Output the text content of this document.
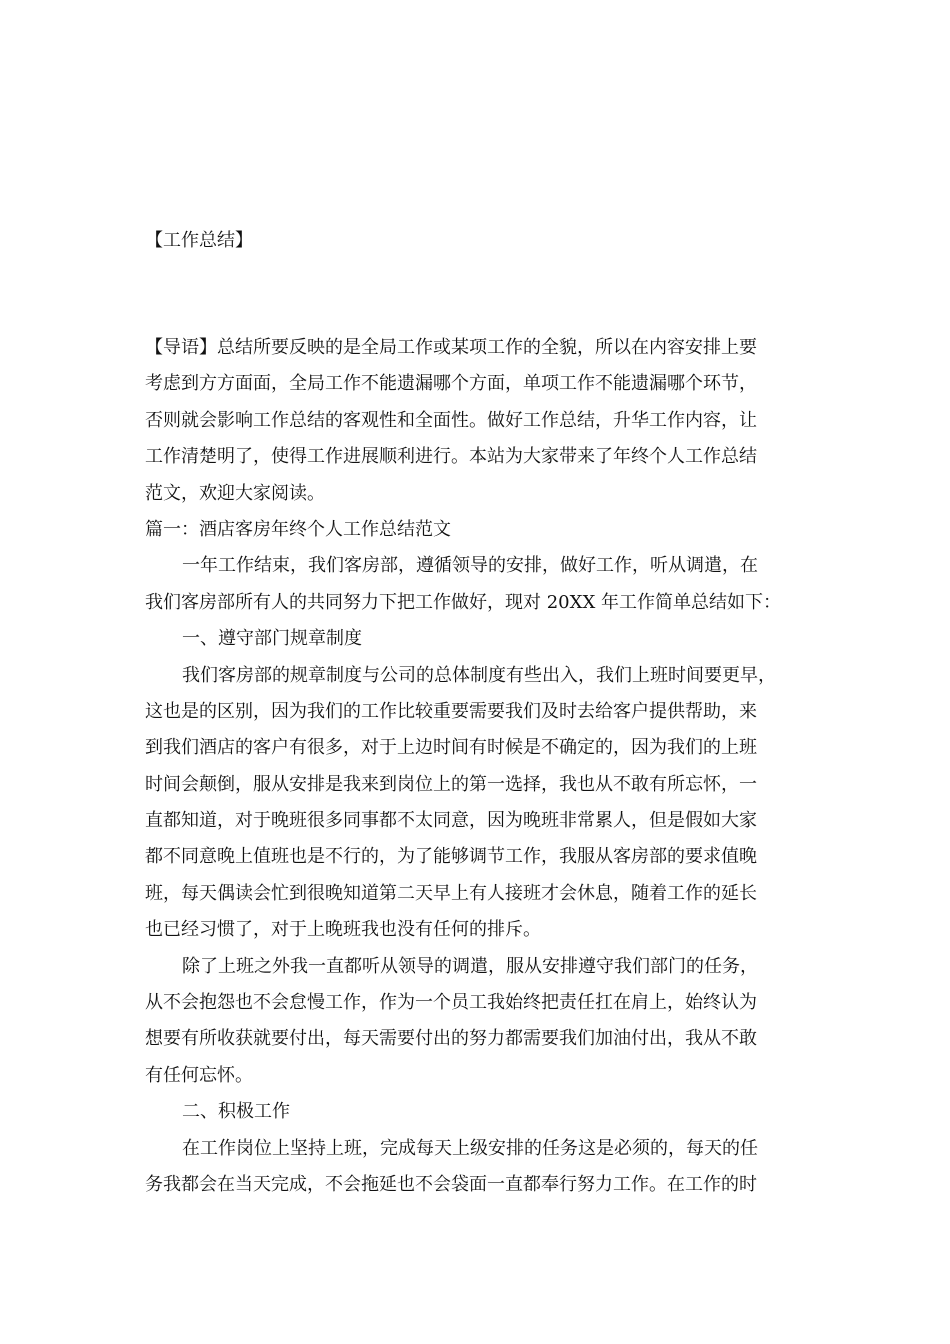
【工作总结】
【导语】总结所要反映的是全局工作或某项工作的全貌，所以在内容安排上要
考虑到方方面面，全局工作不能遗漏哪个方面，单项工作不能遗漏哪个环节，
否则就会影响工作总结的客观性和全面性。做好工作总结，升华工作内容，让
工作清楚明了，使得工作进展顺利进行。本站为大家带来了年终个人工作总结
范文，欢迎大家阅读。
篇一：酒店客房年终个人工作总结范文
一年工作结束，我们客房部，遵循领导的安排，做好工作，听从调遣，在
我们客房部所有人的共同努力下把工作做好，现对 20XX 年工作简单总结如下：
一、遵守部门规章制度
我们客房部的规章制度与公司的总体制度有些出入，我们上班时间要更早，
这也是的区别，因为我们的工作比较重要需要我们及时去给客户提供帮助，来
到我们酒店的客户有很多，对于上边时间有时候是不确定的，因为我们的上班
时间会颠倒，服从安排是我来到岗位上的第一选择，我也从不敢有所忘怀，一
直都知道，对于晚班很多同事都不太同意，因为晚班非常累人，但是假如大家
都不同意晚上值班也是不行的，为了能够调节工作，我服从客房部的要求值晚
班，每天偶读会忙到很晚知道第二天早上有人接班才会休息，随着工作的延长
也已经习惯了，对于上晚班我也没有任何的排斥。
除了上班之外我一直都听从领导的调遣，服从安排遵守我们部门的任务，
从不会抱怨也不会怠慢工作，作为一个员工我始终把责任扛在肩上，始终认为
想要有所收获就要付出，每天需要付出的努力都需要我们加油付出，我从不敢
有任何忘怀。
二、积极工作
在工作岗位上坚持上班，完成每天上级安排的任务这是必须的，每天的任
务我都会在当天完成，不会拖延也不会袋面一直都奉行努力工作。在工作的时
